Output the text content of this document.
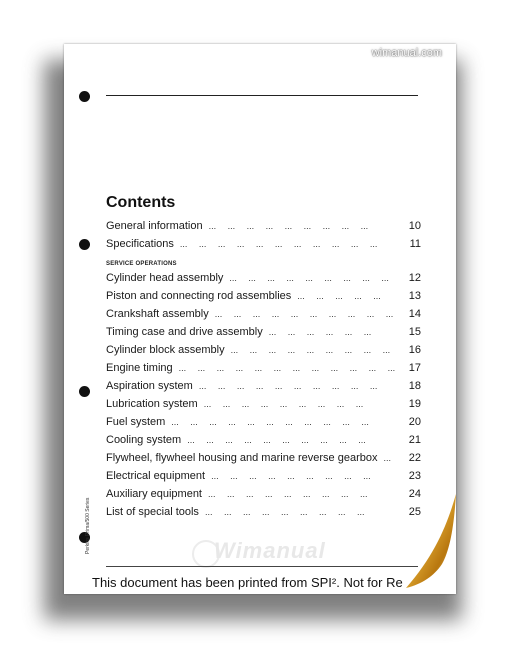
wimanual.com
Contents
General information ... ... ... ... ... ... ... ... ...	10
Specifications ... ... ... ... ... ... ... ... ... ... ...	11
SERVICE OPERATIONS
Cylinder head assembly ... ... ... ... ... ... ... ... ...	12
Piston and connecting rod assemblies ... ... ... ... ...	13
Crankshaft assembly ... ... ... ... ... ... ... ... ... ...	14
Timing case and drive assembly ... ... ... ... ... ...	15
Cylinder block assembly ... ... ... ... ... ... ... ... ...	16
Engine timing ... ... ... ... ... ... ... ... ... ... ... ...	17
Aspiration system ... ... ... ... ... ... ... ... ... ...	18
Lubrication system ... ... ... ... ... ... ... ... ...	19
Fuel system ... ... ... ... ... ... ... ... ... ... ...	20
Cooling system ... ... ... ... ... ... ... ... ... ...	21
Flywheel, flywheel housing and marine reverse gearbox ...	22
Electrical equipment ... ... ... ... ... ... ... ... ...	23
Auxiliary equipment ... ... ... ... ... ... ... ... ...	24
List of special tools ... ... ... ... ... ... ... ... ...	25
Perkins Prima/500 Series	Wimanual
This document has been printed from SPI². Not for Re
